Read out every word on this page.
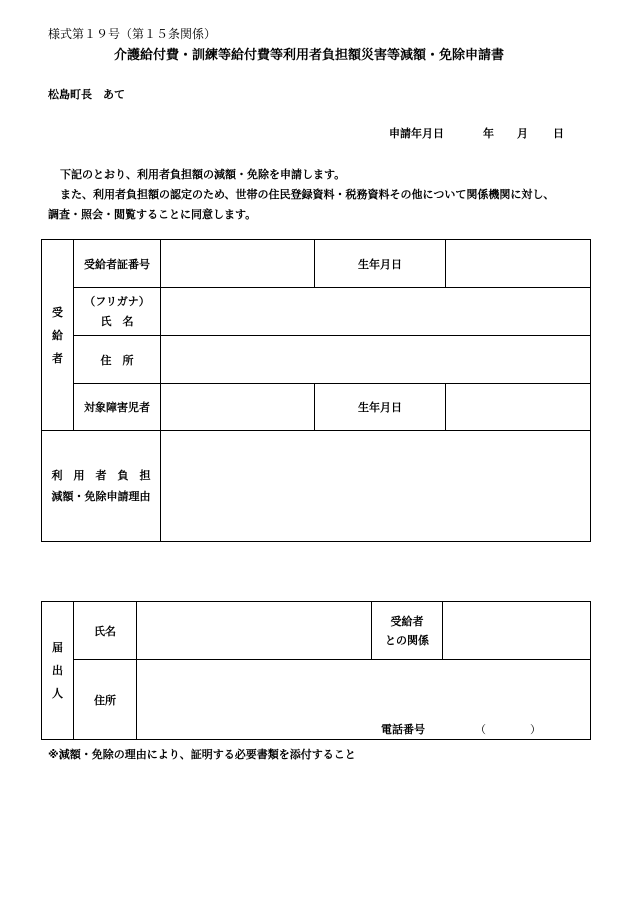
様式第１９号（第１５条関係）
介護給付費・訓練等給付費等利用者負担額災害等減額・免除申請書
松島町長　あて
申請年月日	年 月 日
下記のとおり、利用者負担額の減額・免除を申請します。
また、利用者負担額の認定のため、世帯の住民登録資料・税務資料その他について関係機関に対し、
調査・照会・閲覧することに同意します。
受給者	受給者証番号		生年月日	

	（フリガナ）
氏　名			

	住　所			
	対象障害児者		生年月日	

利　用　者　負　担
減額・免除申請理由				

届出人	氏名		受給者
との関係	

	住所	電話番号 （　　　　）		
※減額・免除の理由により、証明する必要書類を添付すること
